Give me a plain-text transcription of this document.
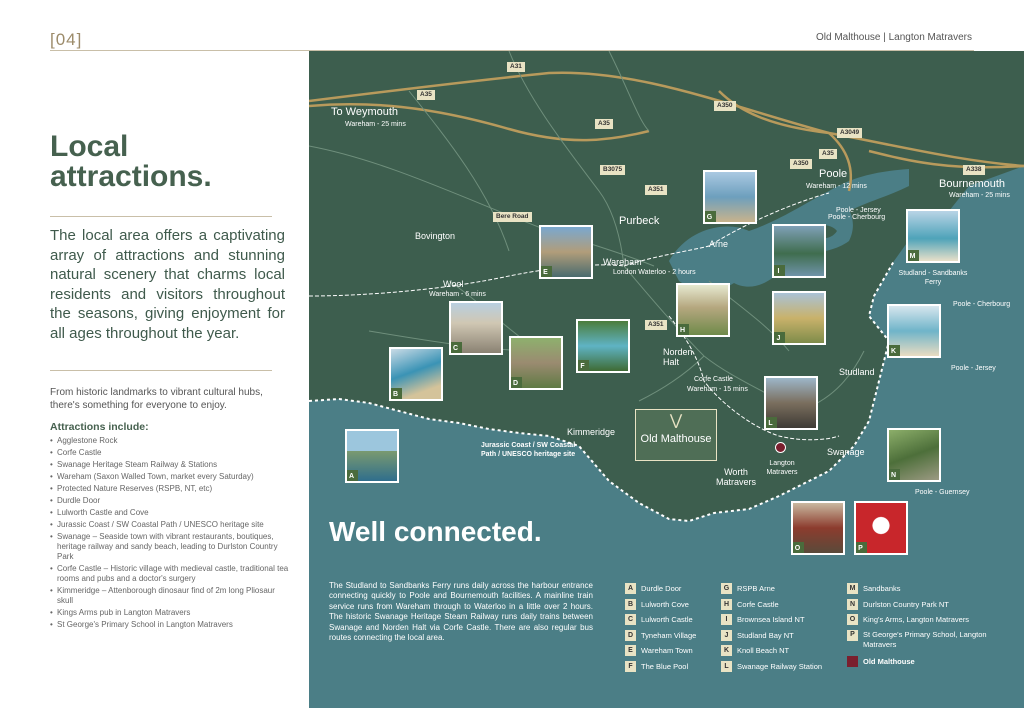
[04]	Old Malthouse | Langton Matravers
Local
attractions.

The local area offers a captivating array of attractions and stunning natural scenery that charms local residents and visitors throughout the seasons, giving enjoyment for all ages throughout the year.

From historic landmarks to vibrant cultural hubs, there's something for everyone to enjoy.

Attractions include:
• Agglestone Rock
• Corfe Castle
• Swanage Heritage Steam Railway & Stations
• Wareham (Saxon Walled Town, market every Saturday)
• Protected Nature Reserves (RSPB, NT, etc)
• Durdle Door
• Lulworth Castle and Cove
• Jurassic Coast / SW Coastal Path / UNESCO heritage site
• Swanage – Seaside town with vibrant restaurants, boutiques, heritage railway and sandy beach, leading to Durlston Country Park
• Corfe Castle – Historic village with medieval castle, traditional tea rooms and pubs and a doctor's surgery
• Kimmeridge – Attenborough dinosaur find of 2m long Pliosaur skull
• Kings Arms pub in Langton Matravers
• St George's Primary School in Langton Matravers
A31
A35
A35
A350
A3049
A35
A350
A338
B3075
A351
A351
To Weymouth
Wareham - 25 mins
Poole
Wareham - 12 mins	Bournemouth
Wareham - 25 mins
Purbeck
Bovington
Bere Road
Wareham
London Waterloo - 2 hours
Arne
Wool
Wareham - 6 mins
Norden Halt
Corfe Castle
Wareham - 15 mins
Studland
Kimmeridge
Swanage
Worth Matravers
Langton Matravers
Studland - Sandbanks Ferry
Poole - Jersey
Poole - Cherbourg
Poole - Cherbourg
Poole - Jersey
Poole - Guernsey
Jurassic Coast / SW Coastal Path / UNESCO heritage site
A
B
C
D
E
F
G
H
I
J
K
L
M
N
O	P
⋁
Old Malthouse
Well connected.

The Studland to Sandbanks Ferry runs daily across the harbour entrance connecting quickly to Poole and Bournemouth facilities. A mainline train service runs from Wareham through to Waterloo in a little over 2 hours. The historic Swanage Heritage Steam Railway runs daily trains between Swanage and Norden Halt via Corfe Castle. There are also regular bus routes connecting the local area.

A Durdle Door
B Lulworth Cove
C Lulworth Castle
D Tyneham Village
E Wareham Town
F The Blue Pool
G RSPB Arne
H Corfe Castle
I Brownsea Island NT
J Studland Bay NT
K Knoll Beach NT
L Swanage Railway Station
M Sandbanks
N Durlston Country Park NT
O King's Arms, Langton Matravers
P	St George's Primary School, Langton Matravers
Old Malthouse
